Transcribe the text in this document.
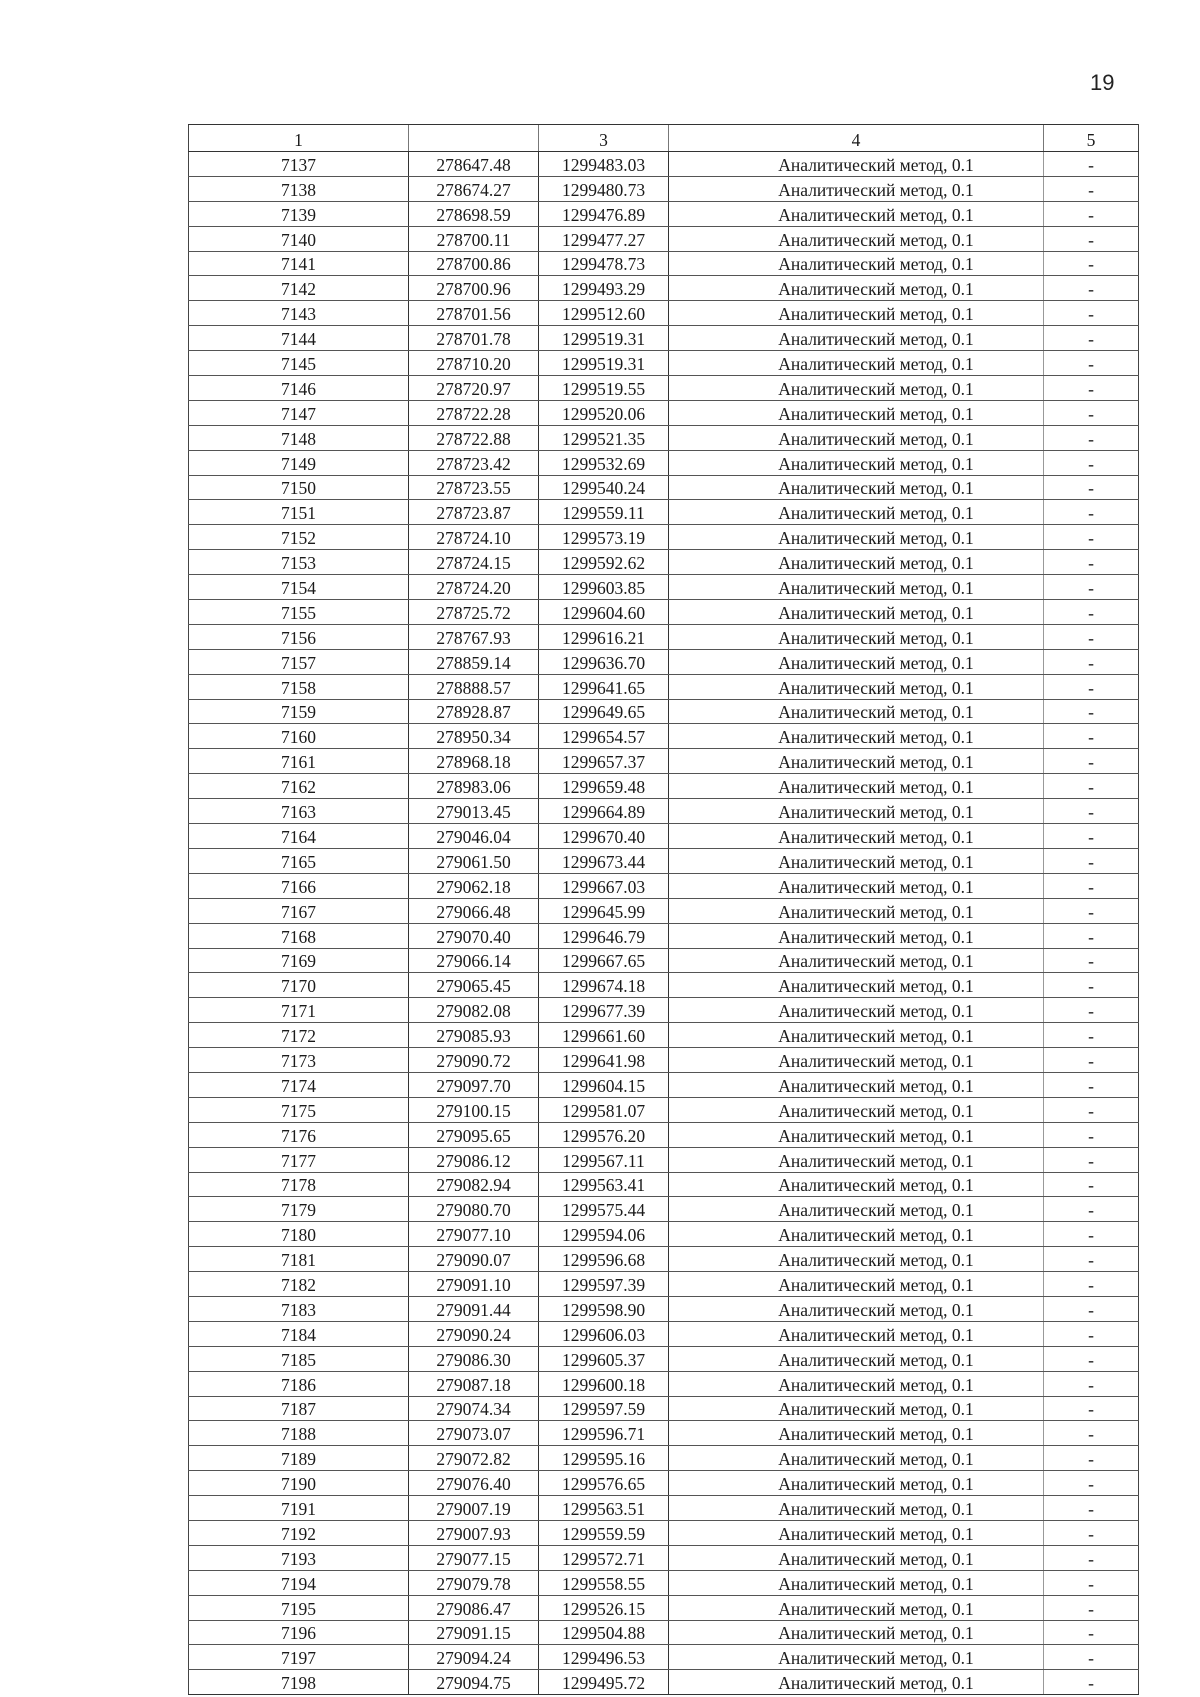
19
1		3	4	5
7137	278647.48	1299483.03	Аналитический метод, 0.1	-
7138	278674.27	1299480.73	Аналитический метод, 0.1	-
7139	278698.59	1299476.89	Аналитический метод, 0.1	-
7140	278700.11	1299477.27	Аналитический метод, 0.1	-
7141	278700.86	1299478.73	Аналитический метод, 0.1	-
7142	278700.96	1299493.29	Аналитический метод, 0.1	-
7143	278701.56	1299512.60	Аналитический метод, 0.1	-
7144	278701.78	1299519.31	Аналитический метод, 0.1	-
7145	278710.20	1299519.31	Аналитический метод, 0.1	-
7146	278720.97	1299519.55	Аналитический метод, 0.1	-
7147	278722.28	1299520.06	Аналитический метод, 0.1	-
7148	278722.88	1299521.35	Аналитический метод, 0.1	-
7149	278723.42	1299532.69	Аналитический метод, 0.1	-
7150	278723.55	1299540.24	Аналитический метод, 0.1	-
7151	278723.87	1299559.11	Аналитический метод, 0.1	-
7152	278724.10	1299573.19	Аналитический метод, 0.1	-
7153	278724.15	1299592.62	Аналитический метод, 0.1	-
7154	278724.20	1299603.85	Аналитический метод, 0.1	-
7155	278725.72	1299604.60	Аналитический метод, 0.1	-
7156	278767.93	1299616.21	Аналитический метод, 0.1	-
7157	278859.14	1299636.70	Аналитический метод, 0.1	-
7158	278888.57	1299641.65	Аналитический метод, 0.1	-
7159	278928.87	1299649.65	Аналитический метод, 0.1	-
7160	278950.34	1299654.57	Аналитический метод, 0.1	-
7161	278968.18	1299657.37	Аналитический метод, 0.1	-
7162	278983.06	1299659.48	Аналитический метод, 0.1	-
7163	279013.45	1299664.89	Аналитический метод, 0.1	-
7164	279046.04	1299670.40	Аналитический метод, 0.1	-
7165	279061.50	1299673.44	Аналитический метод, 0.1	-
7166	279062.18	1299667.03	Аналитический метод, 0.1	-
7167	279066.48	1299645.99	Аналитический метод, 0.1	-
7168	279070.40	1299646.79	Аналитический метод, 0.1	-
7169	279066.14	1299667.65	Аналитический метод, 0.1	-
7170	279065.45	1299674.18	Аналитический метод, 0.1	-
7171	279082.08	1299677.39	Аналитический метод, 0.1	-
7172	279085.93	1299661.60	Аналитический метод, 0.1	-
7173	279090.72	1299641.98	Аналитический метод, 0.1	-
7174	279097.70	1299604.15	Аналитический метод, 0.1	-
7175	279100.15	1299581.07	Аналитический метод, 0.1	-
7176	279095.65	1299576.20	Аналитический метод, 0.1	-
7177	279086.12	1299567.11	Аналитический метод, 0.1	-
7178	279082.94	1299563.41	Аналитический метод, 0.1	-
7179	279080.70	1299575.44	Аналитический метод, 0.1	-
7180	279077.10	1299594.06	Аналитический метод, 0.1	-
7181	279090.07	1299596.68	Аналитический метод, 0.1	-
7182	279091.10	1299597.39	Аналитический метод, 0.1	-
7183	279091.44	1299598.90	Аналитический метод, 0.1	-
7184	279090.24	1299606.03	Аналитический метод, 0.1	-
7185	279086.30	1299605.37	Аналитический метод, 0.1	-
7186	279087.18	1299600.18	Аналитический метод, 0.1	-
7187	279074.34	1299597.59	Аналитический метод, 0.1	-
7188	279073.07	1299596.71	Аналитический метод, 0.1	-
7189	279072.82	1299595.16	Аналитический метод, 0.1	-
7190	279076.40	1299576.65	Аналитический метод, 0.1	-
7191	279007.19	1299563.51	Аналитический метод, 0.1	-
7192	279007.93	1299559.59	Аналитический метод, 0.1	-
7193	279077.15	1299572.71	Аналитический метод, 0.1	-
7194	279079.78	1299558.55	Аналитический метод, 0.1	-
7195	279086.47	1299526.15	Аналитический метод, 0.1	-
7196	279091.15	1299504.88	Аналитический метод, 0.1	-
7197	279094.24	1299496.53	Аналитический метод, 0.1	-
7198	279094.75	1299495.72	Аналитический метод, 0.1	-
